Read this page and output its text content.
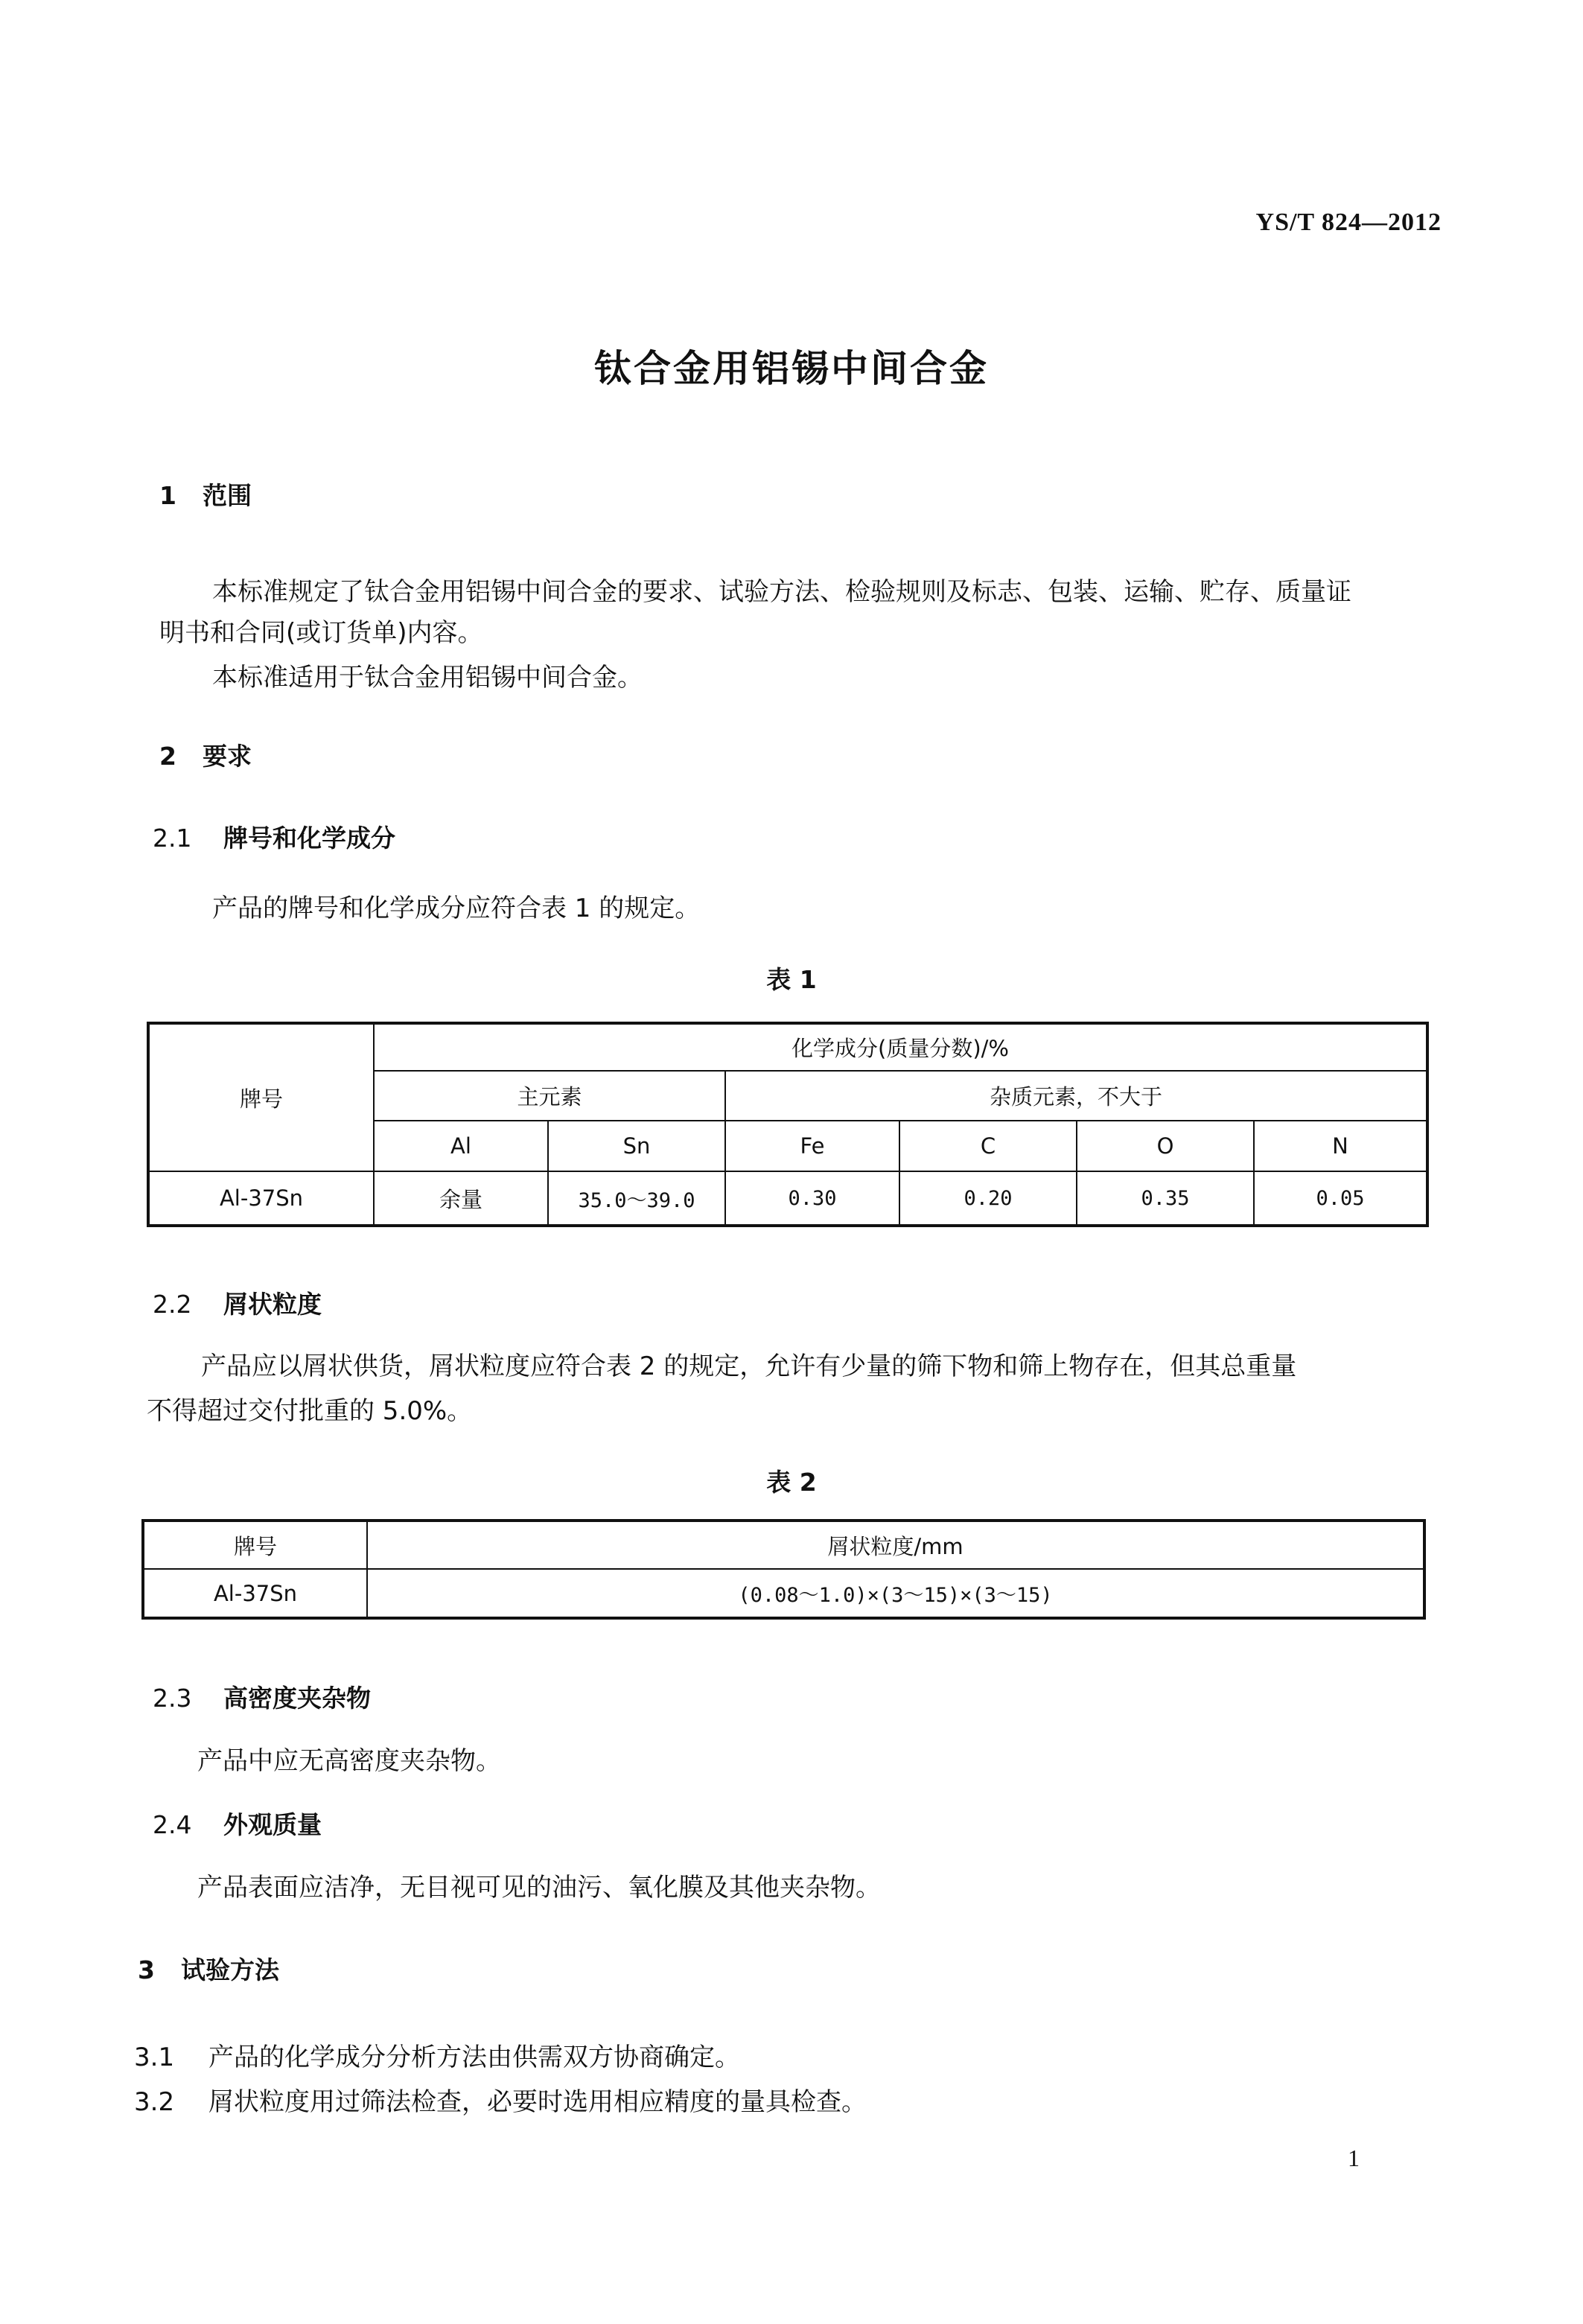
YS/T 824—2012
钛合金用铝锡中间合金
1 范围
本标准规定了钛合金用铝锡中间合金的要求、试验方法、检验规则及标志、包装、运输、贮存、质量证
明书和合同(或订货单)内容。
本标准适用于钛合金用铝锡中间合金。
2 要求
2.1 牌号和化学成分
产品的牌号和化学成分应符合表 1 的规定。
表 1
牌号	化学成分(质量分数)/%					
	主元素		杂质元素，不大于			
	Al	Sn	Fe	C	O	N
Al-37Sn	余量	35.0～39.0	0.30	0.20	0.35	0.05
2.2 屑状粒度
产品应以屑状供货，屑状粒度应符合表 2 的规定，允许有少量的筛下物和筛上物存在，但其总重量
不得超过交付批重的 5.0%。
表 2
牌号	屑状粒度/mm
Al-37Sn	(0.08～1.0)×(3～15)×(3～15)
2.3 高密度夹杂物
产品中应无高密度夹杂物。
2.4 外观质量
产品表面应洁净，无目视可见的油污、氧化膜及其他夹杂物。
3 试验方法
3.1 产品的化学成分分析方法由供需双方协商确定。
3.2 屑状粒度用过筛法检查，必要时选用相应精度的量具检查。
1
